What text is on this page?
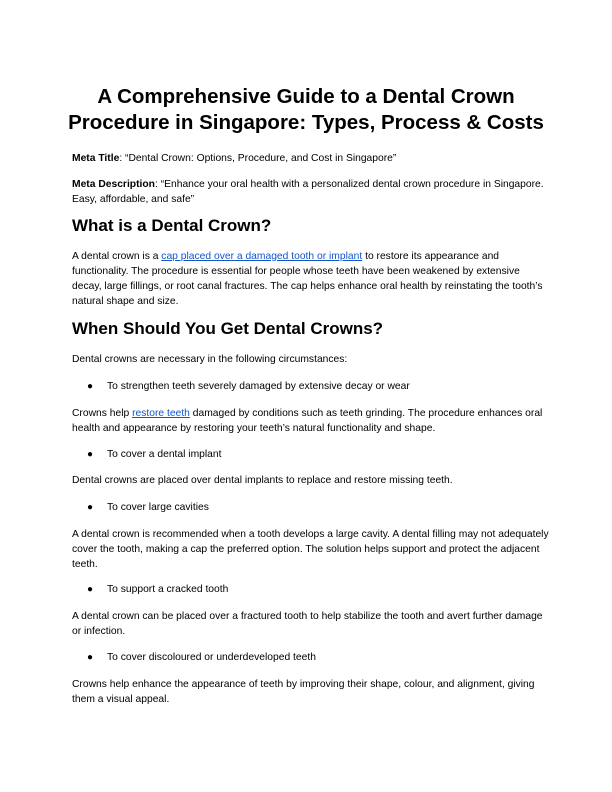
A Comprehensive Guide to a Dental Crown Procedure in Singapore: Types, Process & Costs

Meta Title: “Dental Crown: Options, Procedure, and Cost in Singapore”

Meta Description: “Enhance your oral health with a personalized dental crown procedure in Singapore. Easy, affordable, and safe”

What is a Dental Crown?

A dental crown is a cap placed over a damaged tooth or implant to restore its appearance and functionality. The procedure is essential for people whose teeth have been weakened by extensive decay, large fillings, or root canal fractures. The cap helps enhance oral health by reinstating the tooth’s natural shape and size.

When Should You Get Dental Crowns?

Dental crowns are necessary in the following circumstances:

● To strengthen teeth severely damaged by extensive decay or wear

Crowns help restore teeth damaged by conditions such as teeth grinding. The procedure enhances oral health and appearance by restoring your teeth’s natural functionality and shape.

● To cover a dental implant

Dental crowns are placed over dental implants to replace and restore missing teeth.

● To cover large cavities

A dental crown is recommended when a tooth develops a large cavity. A dental filling may not adequately cover the tooth, making a cap the preferred option. The solution helps support and protect the adjacent teeth.

● To support a cracked tooth

A dental crown can be placed over a fractured tooth to help stabilize the tooth and avert further damage or infection.

● To cover discoloured or underdeveloped teeth

Crowns help enhance the appearance of teeth by improving their shape, colour, and alignment, giving them a visual appeal.
